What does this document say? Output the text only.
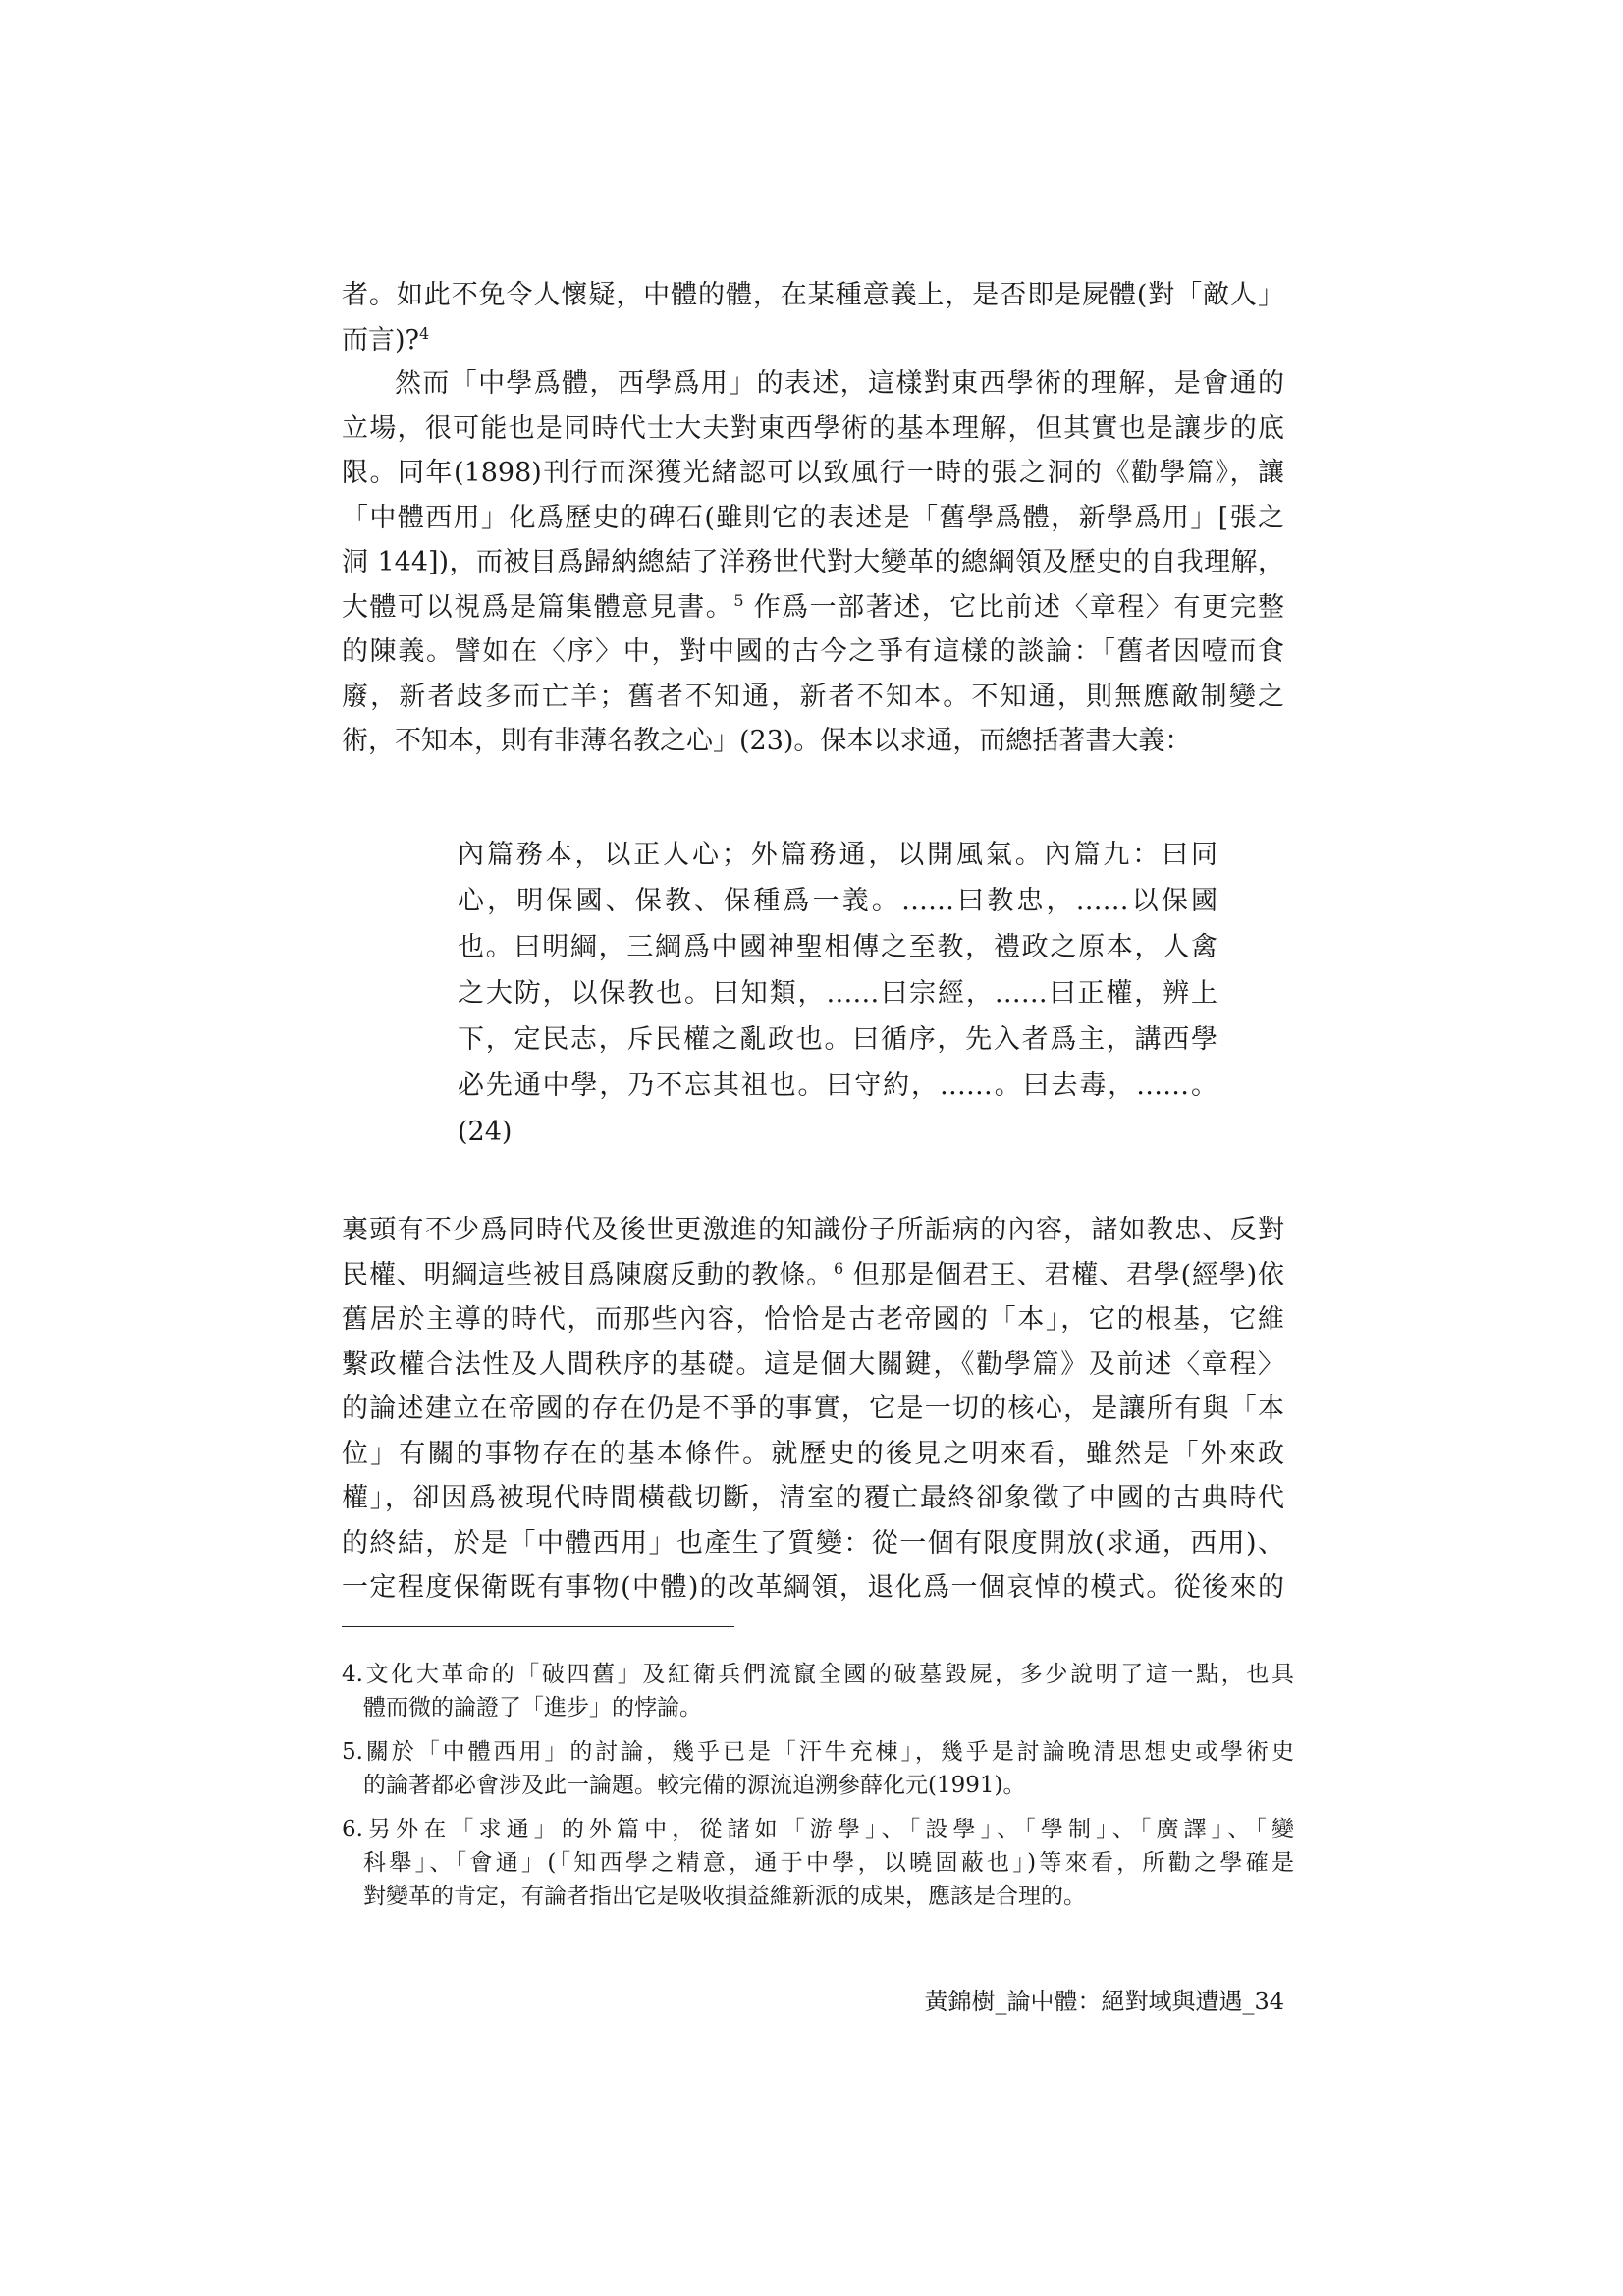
者。如此不免令人懷疑，中體的體，在某種意義上，是否即是屍體(對「敵人」
而言)?$^4$
然而「中學爲體，西學爲用」的表述，這樣對東西學術的理解，是會通的
立場，很可能也是同時代士大夫對東西學術的基本理解，但其實也是讓步的底
限。同年(1898)刊行而深獲光緒認可以致風行一時的張之洞的《勸學篇》，讓
「中體西用」化爲歷史的碑石(雖則它的表述是「舊學爲體，新學爲用」[張之
洞 144])，而被目爲歸納總結了洋務世代對大變革的總綱領及歷史的自我理解，
大體可以視爲是篇集體意見書。$^5$ 作爲一部著述，它比前述〈章程〉有更完整
的陳義。譬如在〈序〉中，對中國的古今之爭有這樣的談論：「舊者因噎而食
廢，新者歧多而亡羊；舊者不知通，新者不知本。不知通，則無應敵制變之
術，不知本，則有非薄名教之心」(23)。保本以求通，而總括著書大義：
內篇務本，以正人心；外篇務通，以開風氣。內篇九：曰同
心，明保國、保教、保種爲一義。……曰教忠，……以保國
也。曰明綱，三綱爲中國神聖相傳之至教，禮政之原本，人禽
之大防，以保教也。曰知類，……曰宗經，……曰正權，辨上
下，定民志，斥民權之亂政也。曰循序，先入者爲主，講西學
必先通中學，乃不忘其祖也。曰守約，……。曰去毒，……。
(24)
裏頭有不少爲同時代及後世更激進的知識份子所詬病的內容，諸如教忠、反對
民權、明綱這些被目爲陳腐反動的教條。$^6$ 但那是個君王、君權、君學(經學)依
舊居於主導的時代，而那些內容，恰恰是古老帝國的「本」，它的根基，它維
繫政權合法性及人間秩序的基礎。這是個大關鍵，《勸學篇》及前述〈章程〉
的論述建立在帝國的存在仍是不爭的事實，它是一切的核心，是讓所有與「本
位」有關的事物存在的基本條件。就歷史的後見之明來看，雖然是「外來政
權」，卻因爲被現代時間橫截切斷，清室的覆亡最終卻象徵了中國的古典時代
的終結，於是「中體西用」也產生了質變：從一個有限度開放(求通，西用)、
一定程度保衛既有事物(中體)的改革綱領，退化爲一個哀悼的模式。從後來的
4.文化大革命的「破四舊」及紅衛兵們流竄全國的破墓毀屍，多少說明了這一點，也具
體而微的論證了「進步」的悖論。
5.關於「中體西用」的討論，幾乎已是「汗牛充棟」，幾乎是討論晚清思想史或學術史
的論著都必會涉及此一論題。較完備的源流追溯參薛化元(1991)。
6.另外在「求通」的外篇中，從諸如「游學」、「設學」、「學制」、「廣譯」、「變
科舉」、「會通」(「知西學之精意，通于中學，以曉固蔽也」)等來看，所勸之學確是
對變革的肯定，有論者指出它是吸收損益維新派的成果，應該是合理的。
黃錦樹_論中體：絕對域與遭遇_34
